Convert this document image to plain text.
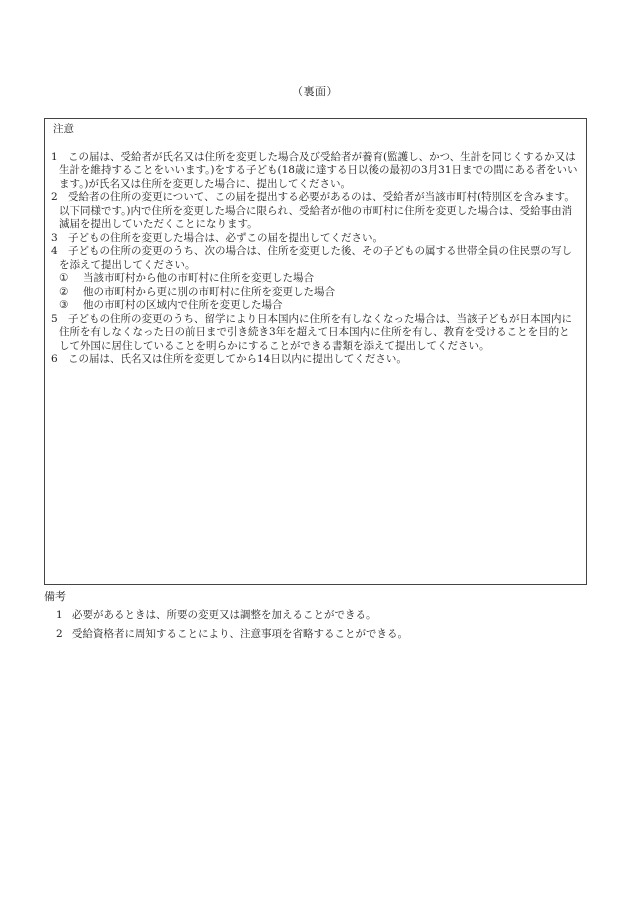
（裏面）
注意

1 この届は、受給者が氏名又は住所を変更した場合及び受給者が養育(監護し、かつ、生計を同じくするか又は生計を維持することをいいます。)をする子ども(18歳に達する日以後の最初の3月31日までの間にある者をいいます。)が氏名又は住所を変更した場合に、提出してください。

2 受給者の住所の変更について、この届を提出する必要があるのは、受給者が当該市町村(特別区を含みます。以下同様です。)内で住所を変更した場合に限られ、受給者が他の市町村に住所を変更した場合は、受給事由消滅届を提出していただくことになります。

3 子どもの住所を変更した場合は、必ずこの届を提出してください。

4 子どもの住所の変更のうち、次の場合は、住所を変更した後、その子どもの属する世帯全員の住民票の写しを添えて提出してください。

① 当該市町村から他の市町村に住所を変更した場合

② 他の市町村から更に別の市町村に住所を変更した場合

③ 他の市町村の区域内で住所を変更した場合

5 子どもの住所の変更のうち、留学により日本国内に住所を有しなくなった場合は、当該子どもが日本国内に住所を有しなくなった日の前日まで引き続き3年を超えて日本国内に住所を有し、教育を受けることを目的として外国に居住していることを明らかにすることができる書類を添えて提出してください。

6 この届は、氏名又は住所を変更してから14日以内に提出してください。

備考

1 必要があるときは、所要の変更又は調整を加えることができる。

2 受給資格者に周知することにより、注意事項を省略することができる。
